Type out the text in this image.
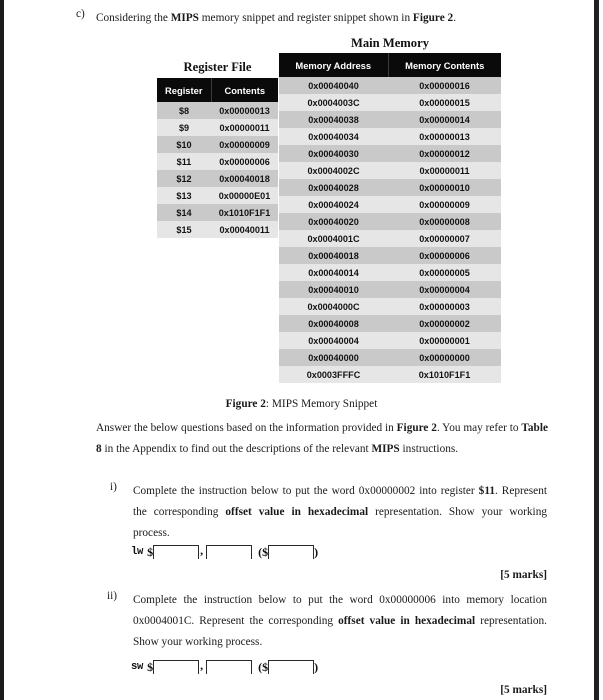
c) Considering the MIPS memory snippet and register snippet shown in Figure 2.
Register File
Register	Contents
$8	0x00000013
$9	0x00000011
$10	0x00000009
$11	0x00000006
$12	0x00040018
$13	0x00000E01
$14	0x1010F1F1
$15	0x00040011
Main Memory
Memory Address	Memory Contents
0x00040040	0x00000016
0x0004003C	0x00000015
0x00040038	0x00000014
0x00040034	0x00000013
0x00040030	0x00000012
0x0004002C	0x00000011
0x00040028	0x00000010
0x00040024	0x00000009
0x00040020	0x00000008
0x0004001C	0x00000007
0x00040018	0x00000006
0x00040014	0x00000005
0x00040010	0x00000004
0x0004000C	0x00000003
0x00040008	0x00000002
0x00040004	0x00000001
0x00040000	0x00000000
0x0003FFFC	0x1010F1F1
Figure 2: MIPS Memory Snippet
Answer the below questions based on the information provided in Figure 2. You may refer to Table 8 in the Appendix to find out the descriptions of the relevant MIPS instructions.
i) Complete the instruction below to put the word 0x00000002 into register $11. Represent the corresponding offset value in hexadecimal representation. Show your working process.
lw $	,	($	)
[5 marks]
ii) Complete the instruction below to put the word 0x00000006 into memory location 0x0004001C. Represent the corresponding offset value in hexadecimal representation. Show your working process.
sw $	,	($	)
[5 marks]
